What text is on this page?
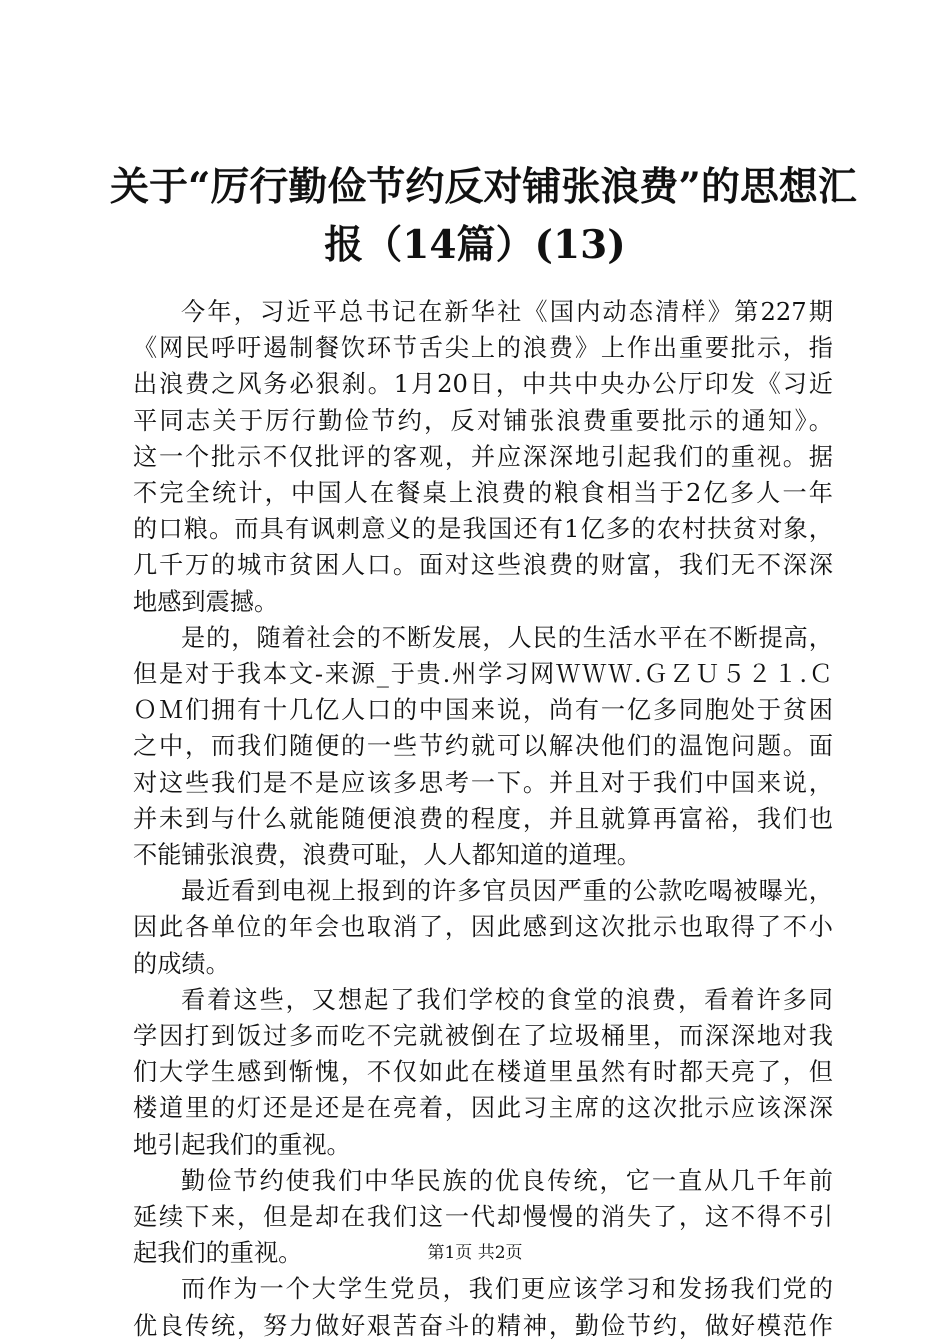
关于“厉行勤俭节约反对铺张浪费”的思想汇
报（14篇）(13)

今年，习近平总书记在新华社《国内动态清样》第227期
《网民呼吁遏制餐饮环节舌尖上的浪费》上作出重要批示，指
出浪费之风务必狠刹。1月20日，中共中央办公厅印发《习近
平同志关于厉行勤俭节约，反对铺张浪费重要批示的通知》。
这一个批示不仅批评的客观，并应深深地引起我们的重视。据
不完全统计，中国人在餐桌上浪费的粮食相当于2亿多人一年
的口粮。而具有讽刺意义的是我国还有1亿多的农村扶贫对象，
几千万的城市贫困人口。面对这些浪费的财富，我们无不深深
地感到震撼。

是的，随着社会的不断发展，人民的生活水平在不断提高，
但是对于我本文-来源_于贵.州学习网ＷＷＷ.ＧＺＵ５２１.Ｃ
ＯＭ们拥有十几亿人口的中国来说，尚有一亿多同胞处于贫困
之中，而我们随便的一些节约就可以解决他们的温饱问题。面
对这些我们是不是应该多思考一下。并且对于我们中国来说，
并未到与什么就能随便浪费的程度，并且就算再富裕，我们也
不能铺张浪费，浪费可耻，人人都知道的道理。

最近看到电视上报到的许多官员因严重的公款吃喝被曝光，
因此各单位的年会也取消了，因此感到这次批示也取得了不小
的成绩。

看着这些，又想起了我们学校的食堂的浪费，看着许多同
学因打到饭过多而吃不完就被倒在了垃圾桶里，而深深地对我
们大学生感到惭愧，不仅如此在楼道里虽然有时都天亮了，但
楼道里的灯还是还是在亮着，因此习主席的这次批示应该深深
地引起我们的重视。

勤俭节约使我们中华民族的优良传统，它一直从几千年前
延续下来，但是却在我们这一代却慢慢的消失了，这不得不引
起我们的重视。

而作为一个大学生党员，我们更应该学习和发扬我们党的
优良传统，努力做好艰苦奋斗的精神，勤俭节约，做好模范作

第1页 共2页
